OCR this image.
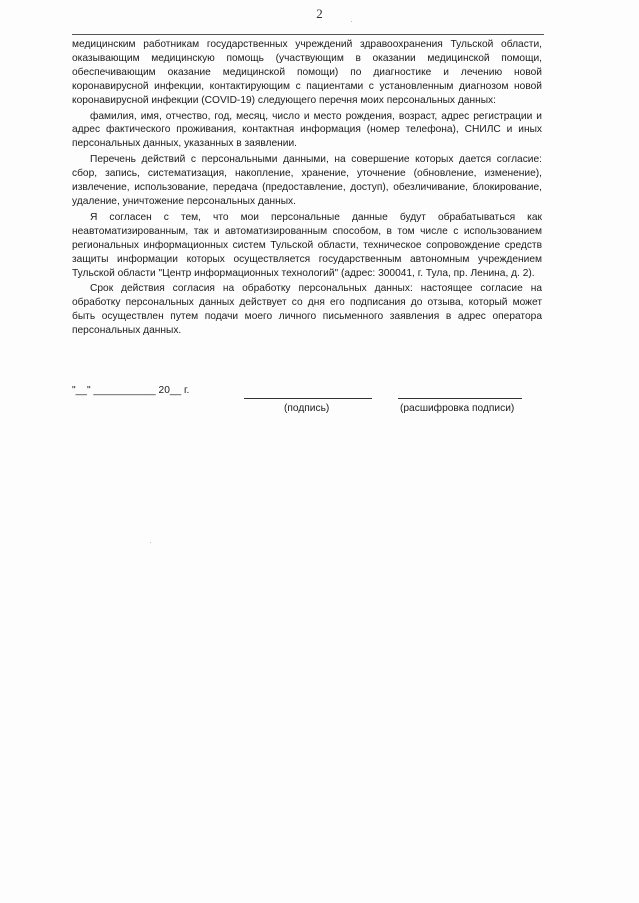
2

медицинским работникам государственных учреждений здравоохранения Тульской области, оказывающим медицинскую помощь (участвующим в оказании медицинской помощи, обеспечивающим оказание медицинской помощи) по диагностике и лечению новой коронавирусной инфекции, контактирующим с пациентами с установленным диагнозом новой коронавирусной инфекции (COVID-19) следующего перечня моих персональных данных:

фамилия, имя, отчество, год, месяц, число и место рождения, возраст, адрес регистрации и адрес фактического проживания, контактная информация (номер телефона), СНИЛС и иных персональных данных, указанных в заявлении.

Перечень действий с персональными данными, на совершение которых дается согласие: сбор, запись, систематизация, накопление, хранение, уточнение (обновление, изменение), извлечение, использование, передача (предоставление, доступ), обезличивание, блокирование, удаление, уничтожение персональных данных.

Я согласен с тем, что мои персональные данные будут обрабатываться как неавтоматизированным, так и автоматизированным способом, в том числе с использованием региональных информационных систем Тульской области, техническое сопровождение средств защиты информации которых осуществляется государственным автономным учреждением Тульской области "Центр информационных технологий" (адрес: 300041, г. Тула, пр. Ленина, д. 2).

Срок действия согласия на обработку персональных данных: настоящее согласие на обработку персональных данных действует со дня его подписания до отзыва, который может быть осуществлен путем подачи моего личного письменного заявления в адрес оператора персональных данных.

"__" ___________ 20__ г.
(подпись)	(расшифровка подписи)
